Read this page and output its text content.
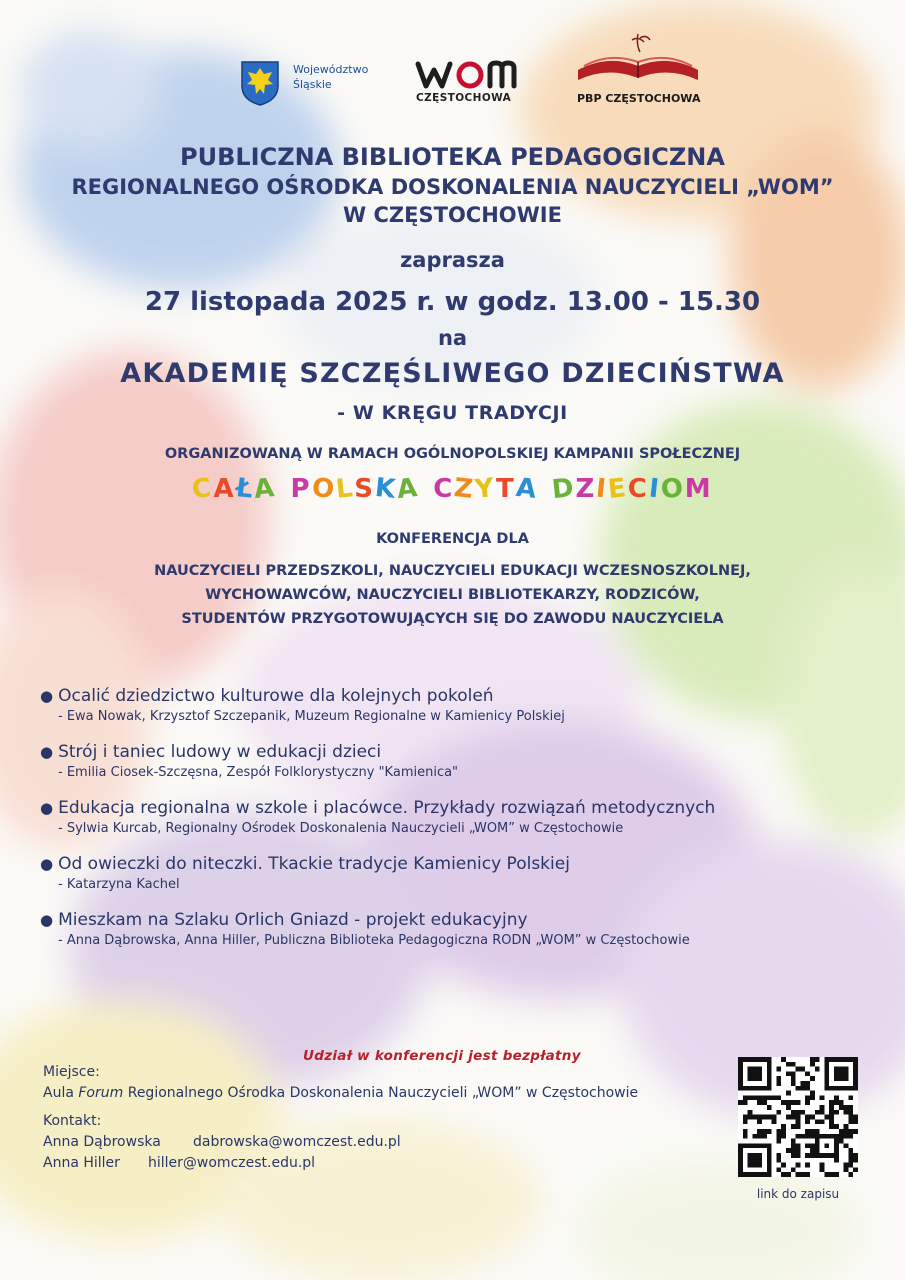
Województwo
Śląskie
CZĘSTOCHOWA	PBP CZĘSTOCHOWA
PUBLICZNA BIBLIOTEKA PEDAGOGICZNA
REGIONALNEGO OŚRODKA DOSKONALENIA NAUCZYCIELI „WOM”
W CZĘSTOCHOWIE
zaprasza
27 listopada 2025 r. w godz. 13.00 - 15.30
na
AKADEMIĘ SZCZĘŚLIWEGO DZIECIŃSTWA
- W KRĘGU TRADYCJI
ORGANIZOWANĄ W RAMACH OGÓLNOPOLSKIEJ KAMPANII SPOŁECZNEJ
CAŁA POLSKA CZYTA DZIECIOM
KONFERENCJA DLA
NAUCZYCIELI PRZEDSZKOLI, NAUCZYCIELI EDUKACJI WCZESNOSZKOLNEJ,
WYCHOWAWCÓW, NAUCZYCIELI BIBLIOTEKARZY, RODZICÓW,
STUDENTÓW PRZYGOTOWUJĄCYCH SIĘ DO ZAWODU NAUCZYCIELA
● Ocalić dziedzictwo kulturowe dla kolejnych pokoleń
- Ewa Nowak, Krzysztof Szczepanik, Muzeum Regionalne w Kamienicy Polskiej
● Strój i taniec ludowy w edukacji dzieci
- Emilia Ciosek-Szczęsna, Zespół Folklorystyczny "Kamienica"
● Edukacja regionalna w szkole i placówce. Przykłady rozwiązań metodycznych
- Sylwia Kurcab, Regionalny Ośrodek Doskonalenia Nauczycieli „WOM” w Częstochowie
● Od owieczki do niteczki. Tkackie tradycje Kamienicy Polskiej
- Katarzyna Kachel
● Mieszkam na Szlaku Orlich Gniazd - projekt edukacyjny
- Anna Dąbrowska, Anna Hiller, Publiczna Biblioteka Pedagogiczna RODN „WOM” w Częstochowie
Udział w konferencji jest bezpłatny
Miejsce:
Aula Forum Regionalnego Ośrodka Doskonalenia Nauczycieli „WOM” w Częstochowie
Kontakt:
Anna Dąbrowska dabrowska@womczest.edu.pl
Anna Hiller hiller@womczest.edu.pl
link do zapisu
